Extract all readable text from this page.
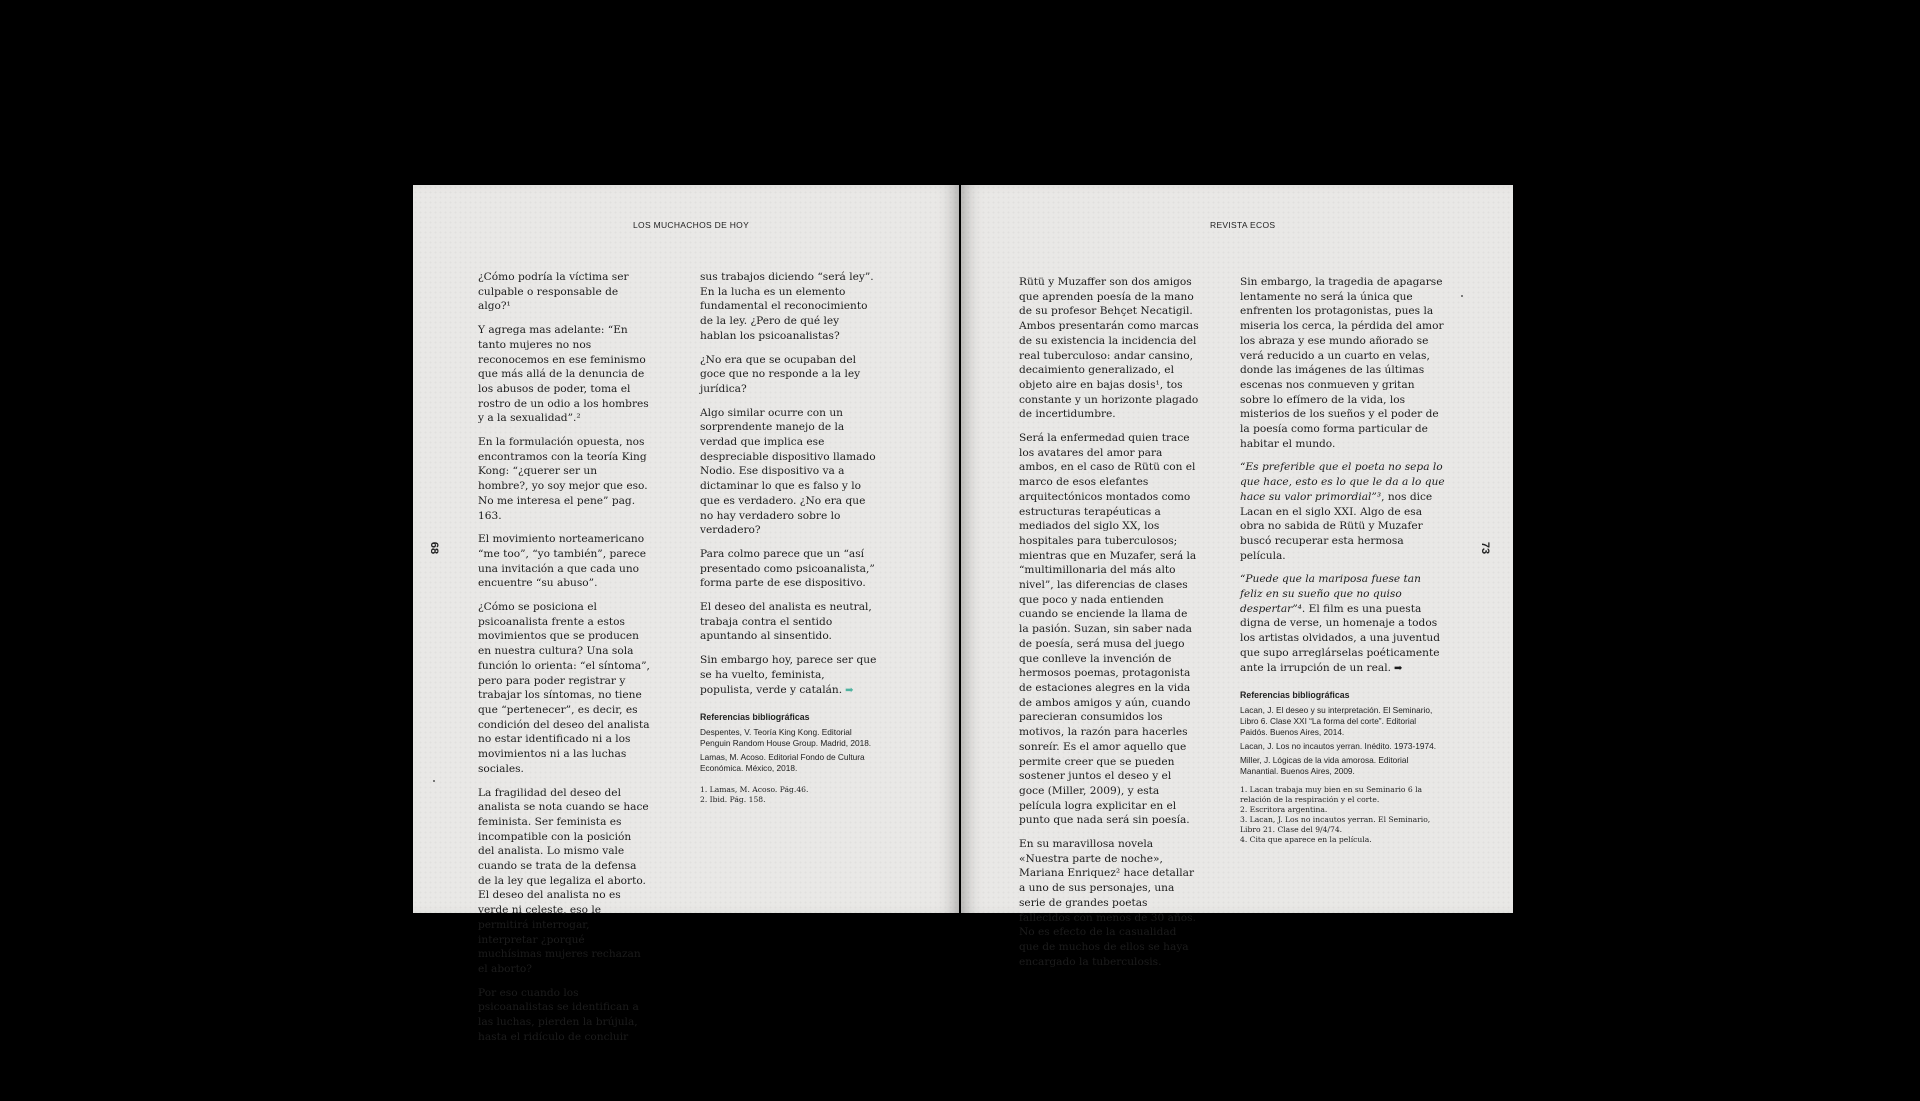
LOS MUCHACHOS DE HOY
68

¿Cómo podría la víctima ser culpable o responsable de algo?¹

Y agrega mas adelante: “En tanto mujeres no nos reconocemos en ese feminismo que más allá de la denuncia de los abusos de poder, toma el rostro de un odio a los hombres y a la sexualidad”.²

En la formulación opuesta, nos encontramos con la teoría King Kong: “¿querer ser un hombre?, yo soy mejor que eso. No me interesa el pene” pag. 163.

El movimiento norteamericano “me too”, “yo también”, parece una invitación a que cada uno encuentre “su abuso”.

¿Cómo se posiciona el psicoanalista frente a estos movimientos que se producen en nuestra cultura? Una sola función lo orienta: “el síntoma”, pero para poder registrar y trabajar los síntomas, no tiene que “pertenecer”, es decir, es condición del deseo del analista no estar identificado ni a los movimientos ni a las luchas sociales.

La fragilidad del deseo del analista se nota cuando se hace feminista. Ser feminista es incompatible con la posición del analista. Lo mismo vale cuando se trata de la defensa de la ley que legaliza el aborto. El deseo del analista no es verde ni celeste, eso le permitirá interrogar, interpretar ¿porqué muchísimas mujeres rechazan el aborto?

Por eso cuando los psicoanalistas se identifican a las luchas, pierden la brújula, hasta el ridículo de concluir

sus trabajos diciendo “será ley”. En la lucha es un elemento fundamental el reconocimiento de la ley. ¿Pero de qué ley hablan los psicoanalistas?

¿No era que se ocupaban del goce que no responde a la ley jurídica?

Algo similar ocurre con un sorprendente manejo de la verdad que implica ese despreciable dispositivo llamado Nodio. Ese dispositivo va a dictaminar lo que es falso y lo que es verdadero. ¿No era que no hay verdadero sobre lo verdadero?

Para colmo parece que un “así presentado como psicoanalista,” forma parte de ese dispositivo.

El deseo del analista es neutral, trabaja contra el sentido apuntando al sinsentido.

Sin embargo hoy, parece ser que se ha vuelto, feminista, populista, verde y catalán. ➡

Referencias bibliográficas
Despentes, V. Teoría King Kong. Editorial Penguin Random House Group. Madrid, 2018.
Lamas, M. Acoso. Editorial Fondo de Cultura Económica. México, 2018.
1. Lamas, M. Acoso. Pág.46.
2. Ibid. Pág. 158.
REVISTA ECOS
73

Rütü y Muzaffer son dos amigos que aprenden poesía de la mano de su profesor Behçet Necatigil. Ambos presentarán como marcas de su existencia la incidencia del real tuberculoso: andar cansino, decaimiento generalizado, el objeto aire en bajas dosis¹, tos constante y un horizonte plagado de incertidumbre.

Será la enfermedad quien trace los avatares del amor para ambos, en el caso de Rütü con el marco de esos elefantes arquitectónicos montados como estructuras terapéuticas a mediados del siglo XX, los hospitales para tuberculosos; mientras que en Muzafer, será la “multimillonaria del más alto nivel”, las diferencias de clases que poco y nada entienden cuando se enciende la llama de la pasión. Suzan, sin saber nada de poesía, será musa del juego que conlleve la invención de hermosos poemas, protagonista de estaciones alegres en la vida de ambos amigos y aún, cuando parecieran consumidos los motivos, la razón para hacerles sonreír. Es el amor aquello que permite creer que se pueden sostener juntos el deseo y el goce (Miller, 2009), y esta película logra explicitar en el punto que nada será sin poesía.

En su maravillosa novela «Nuestra parte de noche», Mariana Enriquez² hace detallar a uno de sus personajes, una serie de grandes poetas fallecidos con menos de 30 años. No es efecto de la casualidad que de muchos de ellos se haya encargado la tuberculosis.

Sin embargo, la tragedia de apagarse lentamente no será la única que enfrenten los protagonistas, pues la miseria los cerca, la pérdida del amor los abraza y ese mundo añorado se verá reducido a un cuarto en velas, donde las imágenes de las últimas escenas nos conmueven y gritan sobre lo efímero de la vida, los misterios de los sueños y el poder de la poesía como forma particular de habitar el mundo.

“Es preferible que el poeta no sepa lo que hace, esto es lo que le da a lo que hace su valor primordial”³, nos dice Lacan en el siglo XXI. Algo de esa obra no sabida de Rütü y Muzafer buscó recuperar esta hermosa película.

“Puede que la mariposa fuese tan feliz en su sueño que no quiso despertar”⁴. El film es una puesta digna de verse, un homenaje a todos los artistas olvidados, a una juventud que supo arreglárselas poéticamente ante la irrupción de un real. ➡

Referencias bibliográficas
Lacan, J. El deseo y su interpretación. El Seminario, Libro 6. Clase XXI “La forma del corte”. Editorial Paidós. Buenos Aires, 2014.
Lacan, J. Los no incautos yerran. Inédito. 1973-1974.
Miller, J. Lógicas de la vida amorosa. Editorial Manantial. Buenos Aires, 2009.
1. Lacan trabaja muy bien en su Seminario 6 la relación de la respiración y el corte.
2. Escritora argentina.
3. Lacan, J. Los no incautos yerran. El Seminario, Libro 21. Clase del 9/4/74.
4. Cita que aparece en la película.
